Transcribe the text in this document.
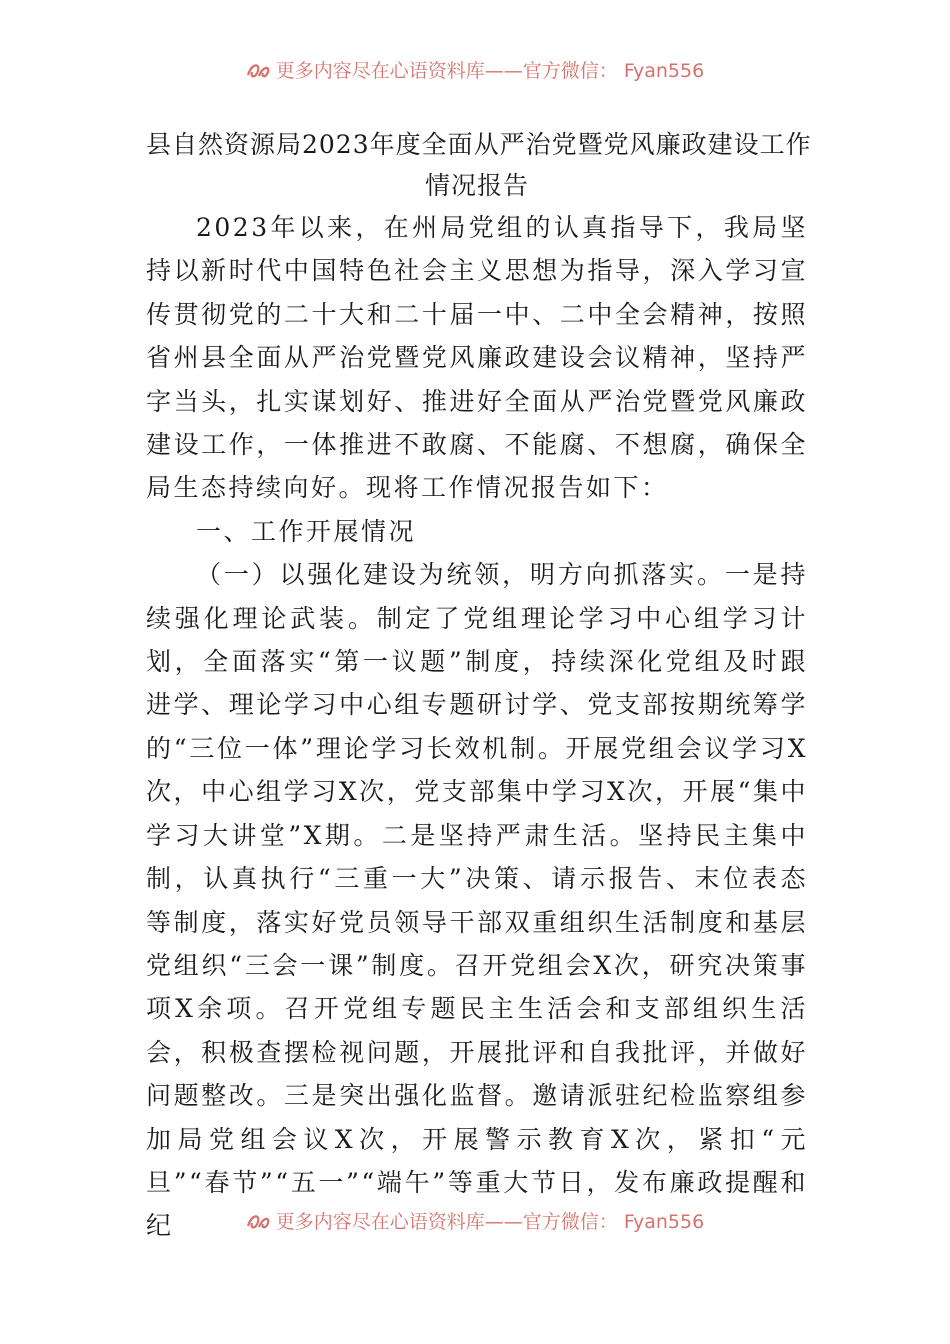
更多内容尽在心语资料库——官方微信： Fyan556
县自然资源局2023年度全面从严治党暨党风廉政建设工作
情况报告

2023年以来，在州局党组的认真指导下，我局坚持以新时代中国特色社会主义思想为指导，深入学习宣传贯彻党的二十大和二十届一中、二中全会精神，按照省州县全面从严治党暨党风廉政建设会议精神，坚持严字当头，扎实谋划好、推进好全面从严治党暨党风廉政建设工作，一体推进不敢腐、不能腐、不想腐，确保全局生态持续向好。现将工作情况报告如下：

一、工作开展情况

（一）以强化建设为统领，明方向抓落实。一是持续强化理论武装。制定了党组理论学习中心组学习计划，全面落实“第一议题”制度，持续深化党组及时跟进学、理论学习中心组专题研讨学、党支部按期统筹学的“三位一体”理论学习长效机制。开展党组会议学习X次，中心组学习X次，党支部集中学习X次，开展“集中学习大讲堂”X期。二是坚持严肃生活。坚持民主集中制，认真执行“三重一大”决策、请示报告、末位表态等制度，落实好党员领导干部双重组织生活制度和基层党组织“三会一课”制度。召开党组会X次，研究决策事项X余项。召开党组专题民主生活会和支部组织生活会，积极查摆检视问题，开展批评和自我批评，并做好问题整改。三是突出强化监督。邀请派驻纪检监察组参加局党组会议X次，开展警示教育X次，紧扣“元旦”“春节”“五一”“端午”等重大节日，发布廉政提醒和纪	更多内容尽在心语资料库——官方微信： Fyan556
